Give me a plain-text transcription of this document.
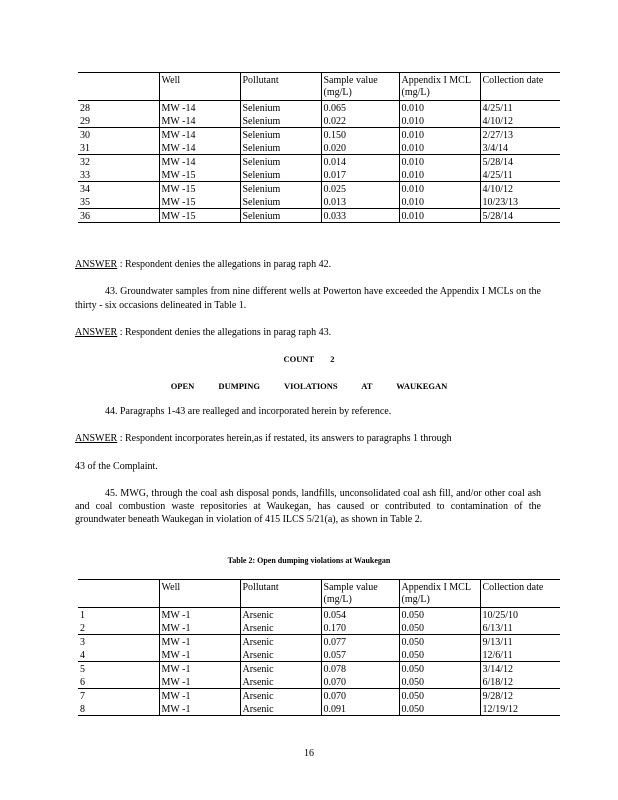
	Well	Pollutant	Sample value (mg/L)	Appendix I MCL (mg/L)	Collection date
28	MW -14	Selenium	0.065	0.010	4/25/11
29	MW -14	Selenium	0.022	0.010	4/10/12
30	MW -14	Selenium	0.150	0.010	2/27/13
31	MW -14	Selenium	0.020	0.010	3/4/14
32	MW -14	Selenium	0.014	0.010	5/28/14
33	MW -15	Selenium	0.017	0.010	4/25/11
34	MW -15	Selenium	0.025	0.010	4/10/12
35	MW -15	Selenium	0.013	0.010	10/23/13
36	MW -15	Selenium	0.033	0.010	5/28/14
ANSWER : Respondent denies the allegations in parag raph 42.
43. Groundwater samples from nine different wells at Powerton have exceeded the Appendix I MCLs on the thirty - six occasions delineated in Table 1.
ANSWER : Respondent denies the allegations in parag raph 43.
COUNT 2
OPEN DUMPING VIOLATIONS AT WAUKEGAN
44. Paragraphs 1-43 are realleged and incorporated herein by reference.
ANSWER : Respondent incorporates herein,as if restated, its answers to paragraphs 1 through
43 of the Complaint.
45. MWG, through the coal ash disposal ponds, landfills, unconsolidated coal ash fill, and/or other coal ash and coal combustion waste repositories at Waukegan, has caused or contributed to contamination of the groundwater beneath Waukegan in violation of 415 ILCS 5/21(a), as shown in Table 2.
Table 2: Open dumping violations at Waukegan
	Well	Pollutant	Sample value (mg/L)	Appendix I MCL (mg/L)	Collection date
1	MW -1	Arsenic	0.054	0.050	10/25/10
2	MW -1	Arsenic	0.170	0.050	6/13/11
3	MW -1	Arsenic	0.077	0.050	9/13/11
4	MW -1	Arsenic	0.057	0.050	12/6/11
5	MW -1	Arsenic	0.078	0.050	3/14/12
6	MW -1	Arsenic	0.070	0.050	6/18/12
7	MW -1	Arsenic	0.070	0.050	9/28/12
8	MW -1	Arsenic	0.091	0.050	12/19/12
16
